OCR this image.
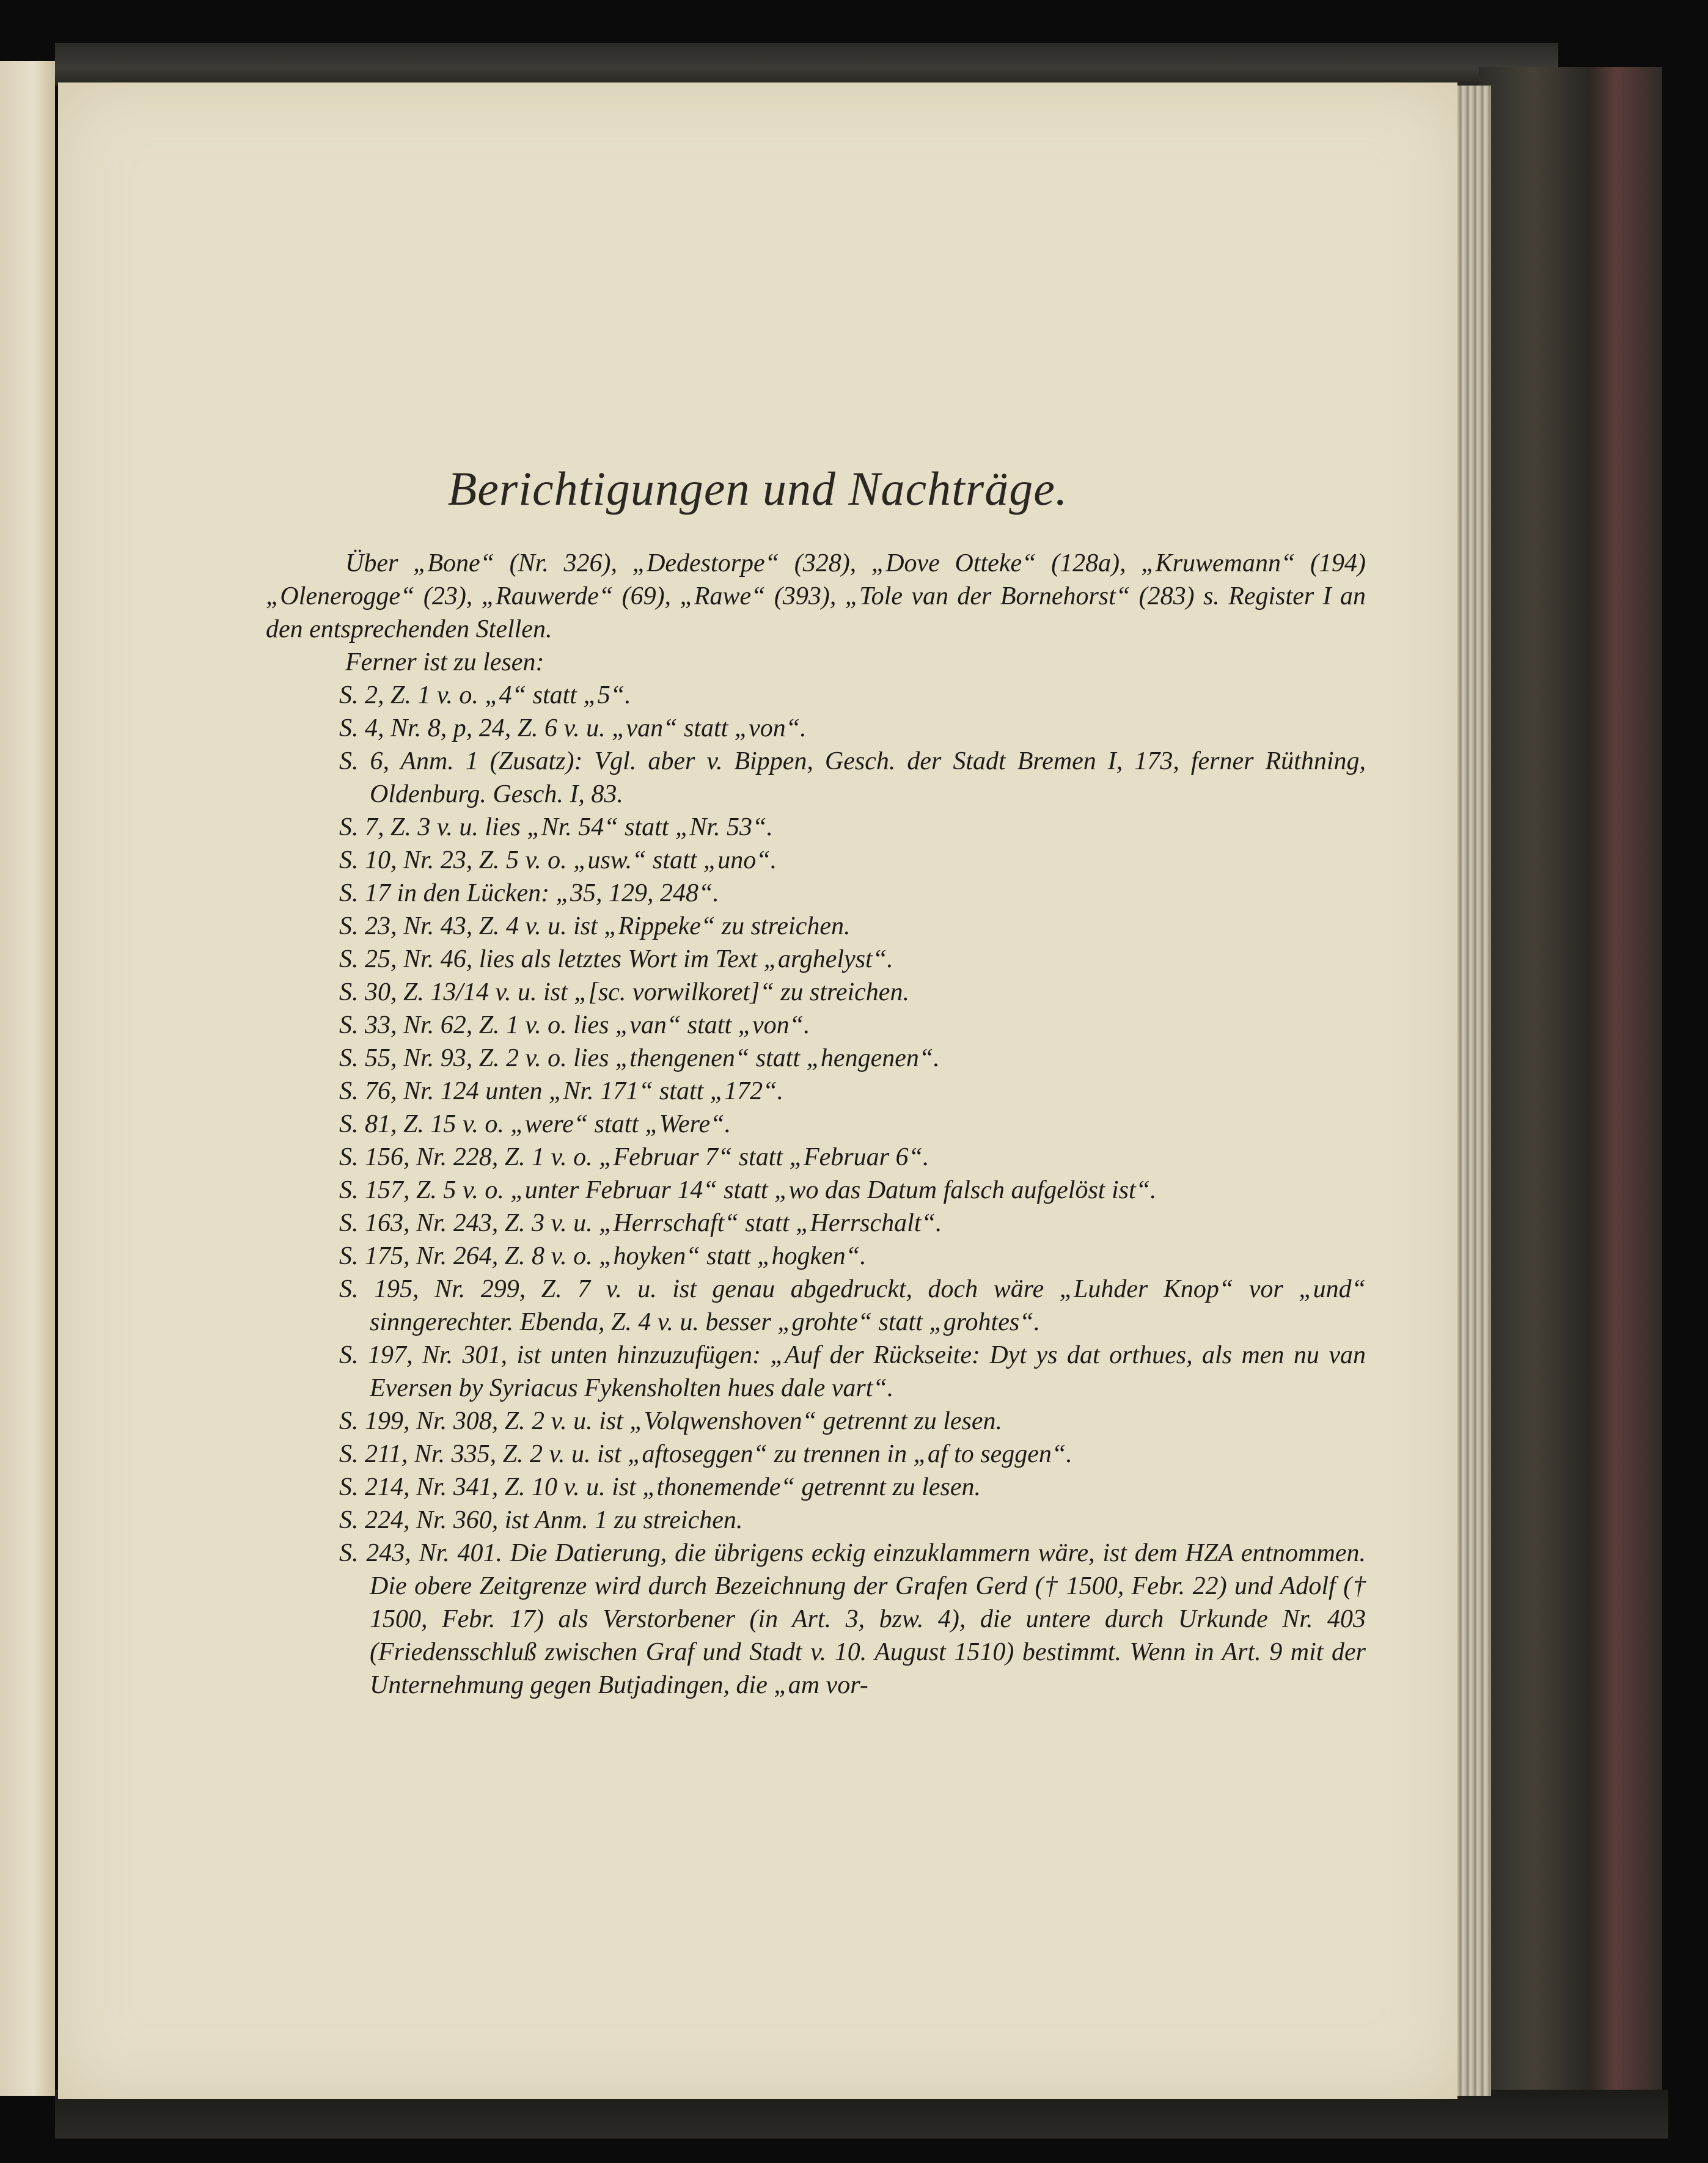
Berichtigungen und Nachträge.

Über „Bone“ (Nr. 326), „Dedestorpe“ (328), „Dove Otteke“ (128a), „Kruwemann“ (194) „Olenerogge“ (23), „Rauwerde“ (69), „Rawe“ (393), „Tole van der Bornehorst“ (283) s. Register I an den entsprechenden Stellen.

Ferner ist zu lesen:

S. 2, Z. 1 v. o. „4“ statt „5“.
S. 4, Nr. 8, p, 24, Z. 6 v. u. „van“ statt „von“.
S. 6, Anm. 1 (Zusatz): Vgl. aber v. Bippen, Gesch. der Stadt Bremen I, 173, ferner Rüthning, Oldenburg. Gesch. I, 83.
S. 7, Z. 3 v. u. lies „Nr. 54“ statt „Nr. 53“.
S. 10, Nr. 23, Z. 5 v. o. „usw.“ statt „uno“.
S. 17 in den Lücken: „35, 129, 248“.
S. 23, Nr. 43, Z. 4 v. u. ist „Rippeke“ zu streichen.
S. 25, Nr. 46, lies als letztes Wort im Text „arghelyst“.
S. 30, Z. 13/14 v. u. ist „[sc. vorwilkoret]“ zu streichen.
S. 33, Nr. 62, Z. 1 v. o. lies „van“ statt „von“.
S. 55, Nr. 93, Z. 2 v. o. lies „thengenen“ statt „hengenen“.
S. 76, Nr. 124 unten „Nr. 171“ statt „172“.
S. 81, Z. 15 v. o. „were“ statt „Were“.
S. 156, Nr. 228, Z. 1 v. o. „Februar 7“ statt „Februar 6“.
S. 157, Z. 5 v. o. „unter Februar 14“ statt „wo das Datum falsch aufgelöst ist“.
S. 163, Nr. 243, Z. 3 v. u. „Herrschaft“ statt „Herrschalt“.
S. 175, Nr. 264, Z. 8 v. o. „hoyken“ statt „hogken“.
S. 195, Nr. 299, Z. 7 v. u. ist genau abgedruckt, doch wäre „Luhder Knop“ vor „und“ sinngerechter. Ebenda, Z. 4 v. u. besser „grohte“ statt „grohtes“.
S. 197, Nr. 301, ist unten hinzuzufügen: „Auf der Rückseite: Dyt ys dat orthues, als men nu van Eversen by Syriacus Fykensholten hues dale vart“.
S. 199, Nr. 308, Z. 2 v. u. ist „Volqwenshoven“ getrennt zu lesen.
S. 211, Nr. 335, Z. 2 v. u. ist „aftoseggen“ zu trennen in „af to seggen“.
S. 214, Nr. 341, Z. 10 v. u. ist „thonemende“ getrennt zu lesen.
S. 224, Nr. 360, ist Anm. 1 zu streichen.
S. 243, Nr. 401. Die Datierung, die übrigens eckig einzuklammern wäre, ist dem HZA entnommen. Die obere Zeitgrenze wird durch Bezeichnung der Grafen Gerd († 1500, Febr. 22) und Adolf († 1500, Febr. 17) als Verstorbener (in Art. 3, bzw. 4), die untere durch Urkunde Nr. 403 (Friedensschluß zwischen Graf und Stadt v. 10. August 1510) bestimmt. Wenn in Art. 9 mit der Unternehmung gegen Butjadingen, die „am vor-
